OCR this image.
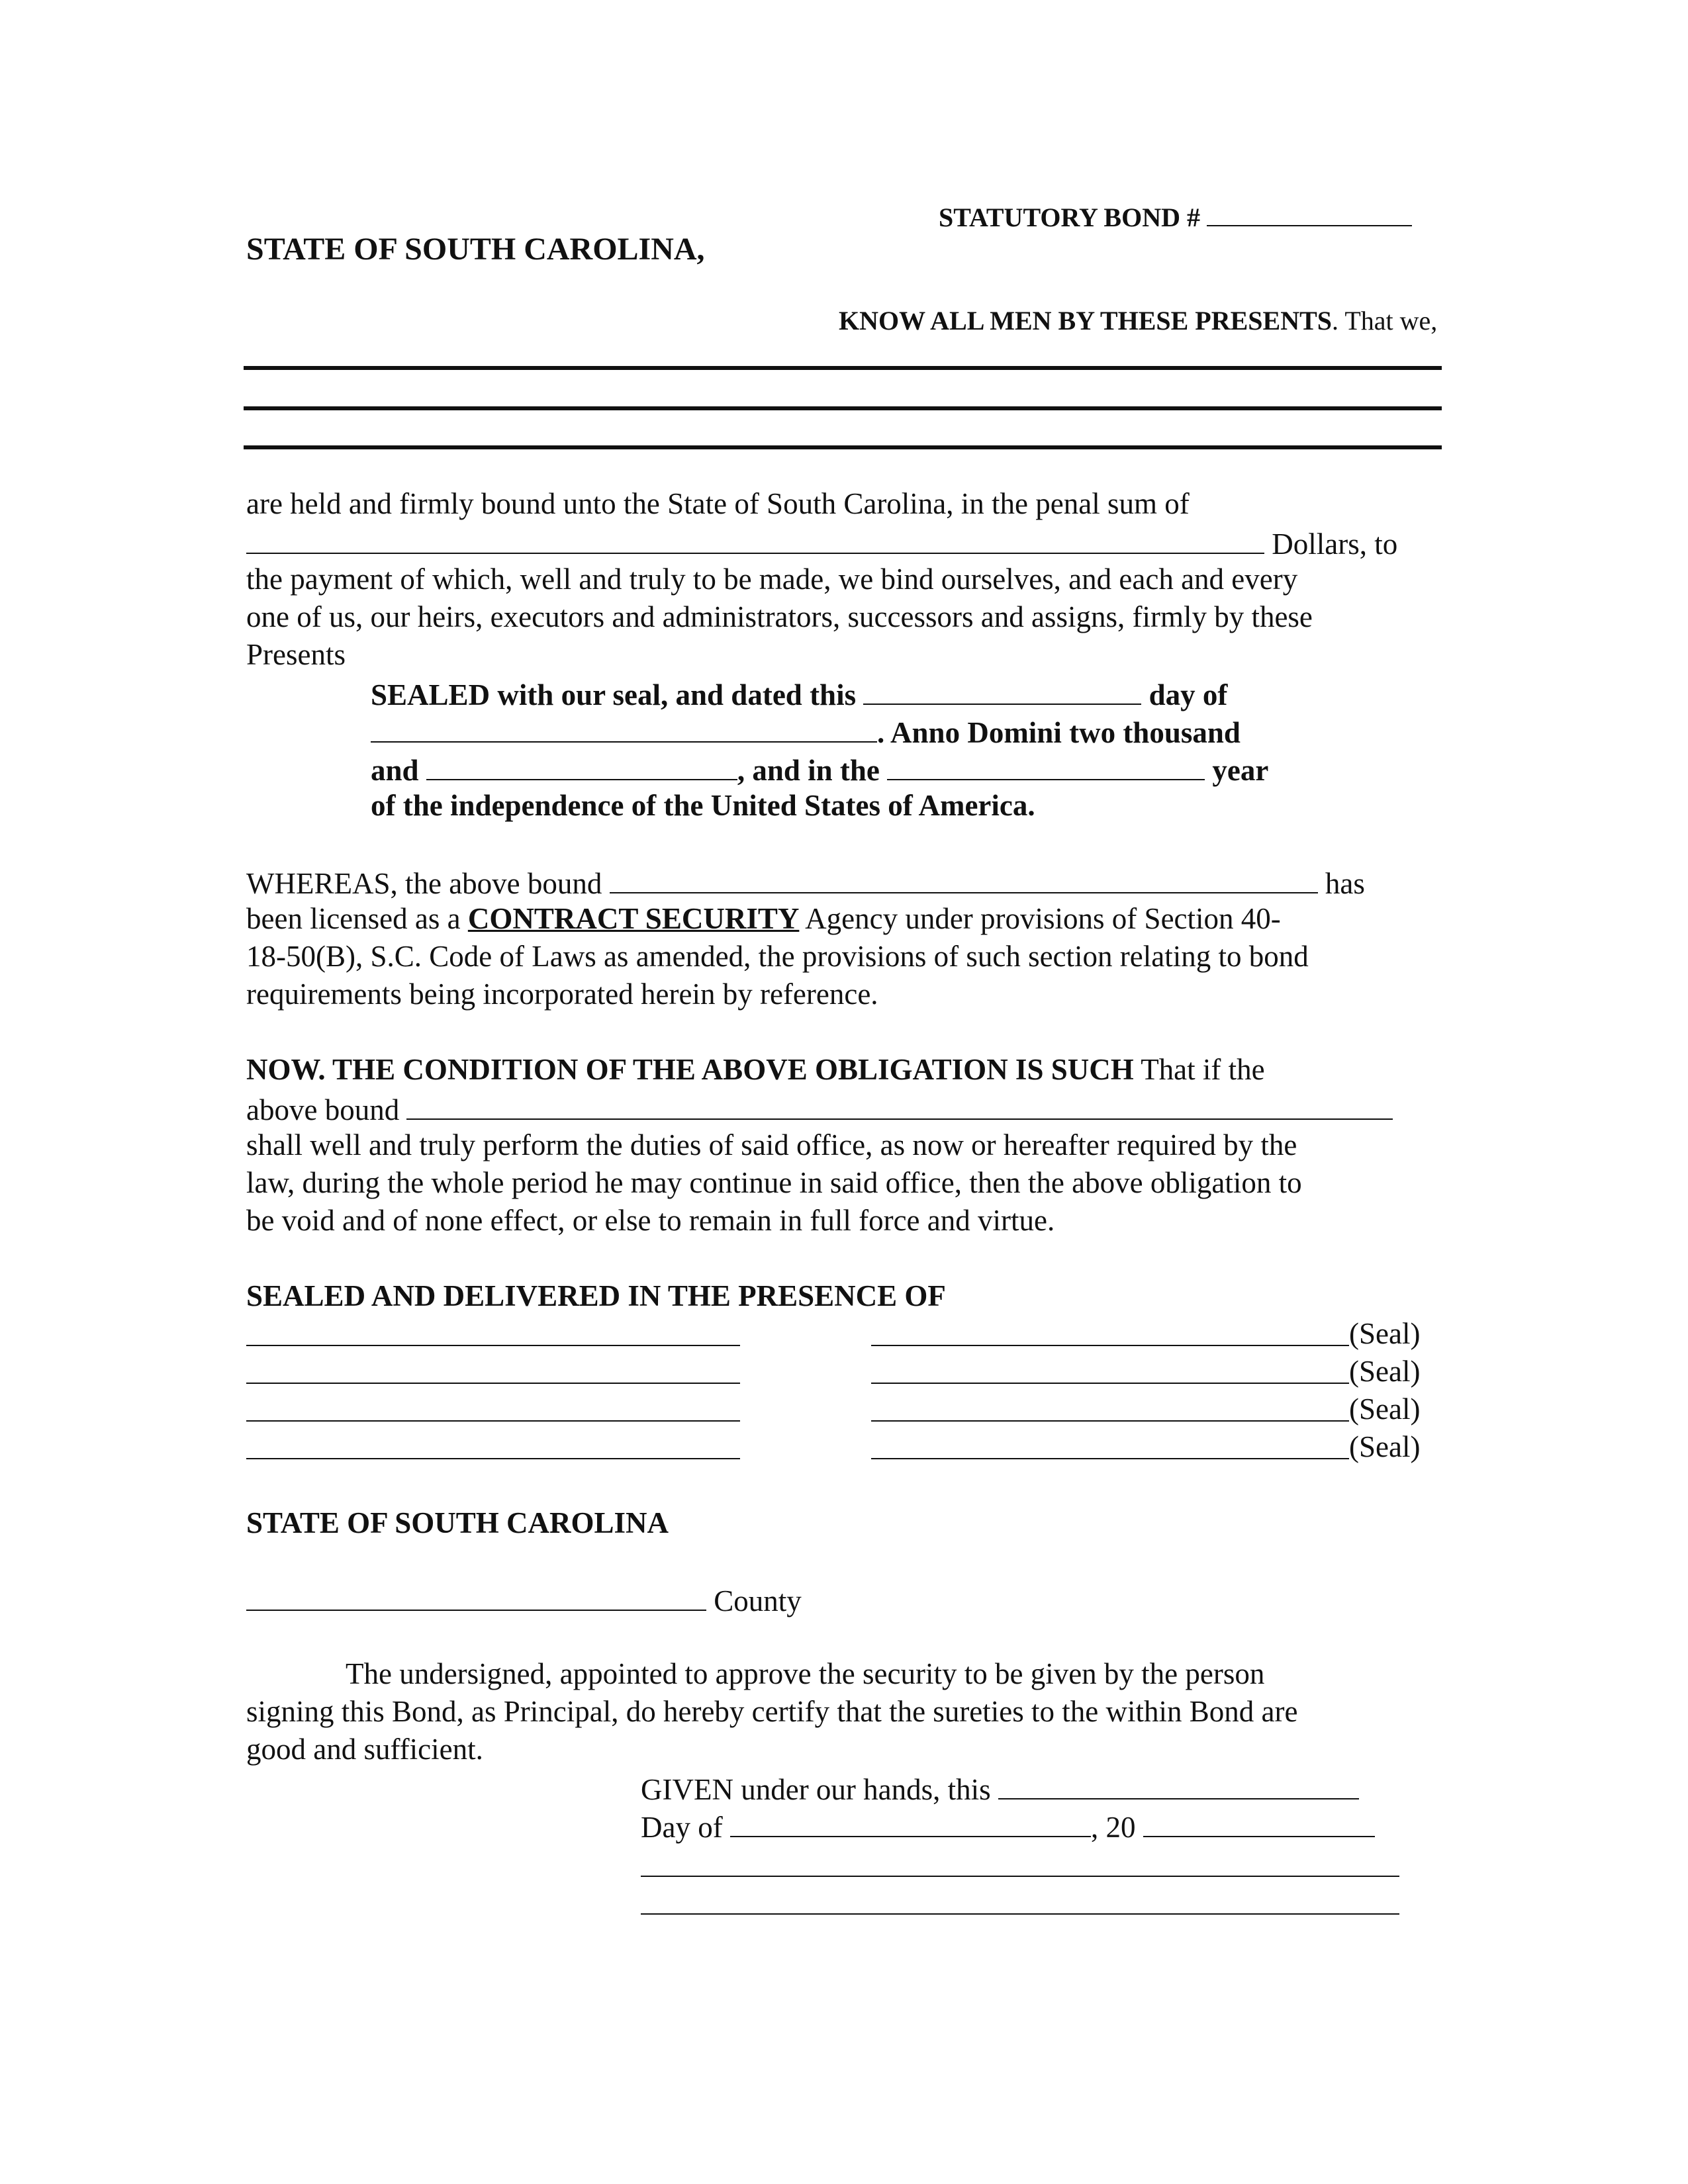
STATUTORY BOND #
STATE OF SOUTH CAROLINA,
KNOW ALL MEN BY THESE PRESENTS. That we,
are held and firmly bound unto the State of South Carolina, in the penal sum of
Dollars, to
the payment of which, well and truly to be made, we bind ourselves, and each and every
one of us, our heirs, executors and administrators, successors and assigns, firmly by these
Presents
SEALED with our seal, and dated this	day of
. Anno Domini two thousand
and	, and in the	year
of the independence of the United States of America.
WHEREAS, the above bound	has
been licensed as a CONTRACT SECURITY Agency under provisions of Section 40-
18-50(B), S.C. Code of Laws as amended, the provisions of such section relating to bond
requirements being incorporated herein by reference.
NOW. THE CONDITION OF THE ABOVE OBLIGATION IS SUCH That if the
above bound
shall well and truly perform the duties of said office, as now or hereafter required by the
law, during the whole period he may continue in said office, then the above obligation to
be void and of none effect, or else to remain in full force and virtue.
SEALED AND DELIVERED IN THE PRESENCE OF
(Seal)
(Seal)
(Seal)
(Seal)
STATE OF SOUTH CAROLINA
County
The undersigned, appointed to approve the security to be given by the person
signing this Bond, as Principal, do hereby certify that the sureties to the within Bond are
good and sufficient.
GIVEN under our hands, this
Day of	, 20
